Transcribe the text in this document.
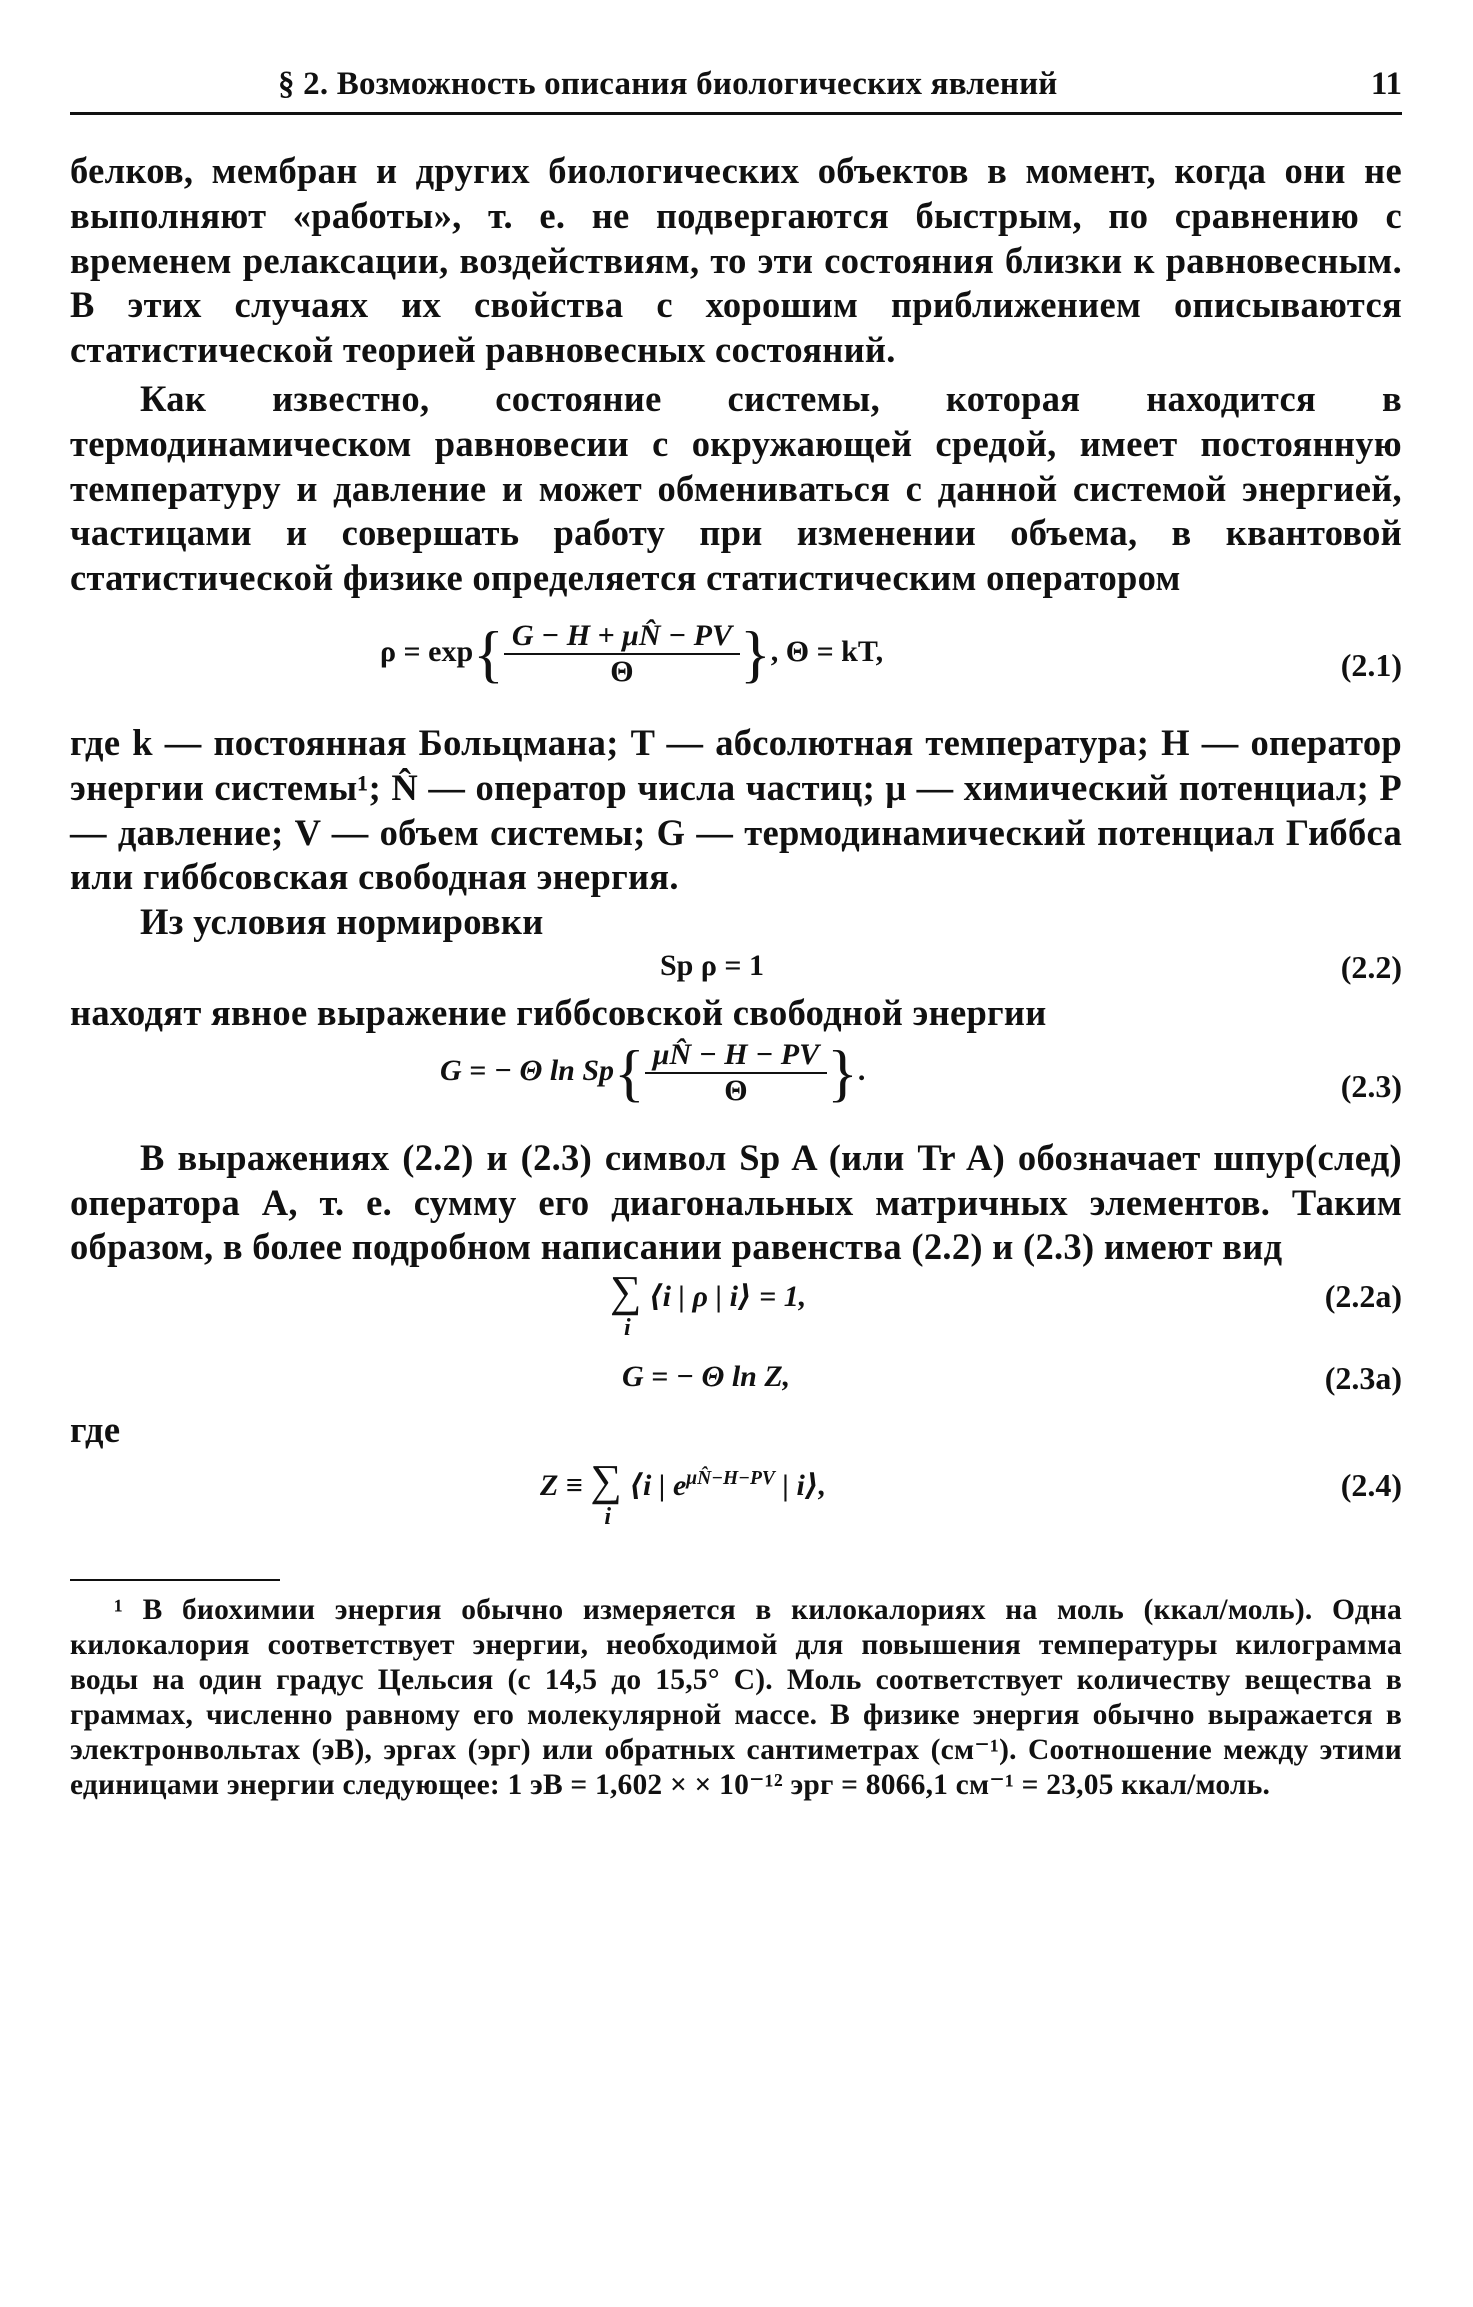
§ 2. Возможность описания биологических явлений	11

белков, мембран и других биологических объектов в момент, когда они не выполняют «работы», т. е. не подвергаются быстрым, по сравнению с временем релаксации, воздействиям, то эти состояния близки к равновесным. В этих случаях их свойства с хорошим приближением описываются статистической теорией равновесных состояний.

Как известно, состояние системы, которая находится в термодинамическом равновесии с окружающей средой, имеет постоянную температуру и давление и может обмениваться с данной системой энергией, частицами и совершать работу при изменении объема, в квантовой статистической физике определяется статистическим оператором

$\rho = \exp\{ \frac{G - H + \mu N̂ - PV}{\Theta}$ }, Θ = kT,	(2.1)

где k — постоянная Больцмана; T — абсолютная температура; H — оператор энергии системы¹; N̂ — оператор числа частиц; μ — химический потенциал; P — давление; V — объем системы; G — термодинамический потенциал Гиббса или гиббсовская свободная энергия.

Из условия нормировки

Sp ρ = 1	(2.2)

находят явное выражение гиббсовской свободной энергии

G = − Θ $\ln Sp\{ \frac{\mu N̂ - H - PV}{\Theta}$ }.	(2.3)

В выражениях (2.2) и (2.3) символ Sp A (или Tr A) обозначает шпур(след) оператора A, т. е. сумму его диагональных матричных элементов. Таким образом, в более подробном написании равенства (2.2) и (2.3) имеют вид

∑
i
⟨i | ρ | i⟩ = 1,	(2.2a)
G = − Θ ln Z,	(2.3a)

где

Z ≡ ∑
i
⟨i | $e^{\mu N̂-H-PV}$ | i⟩,	(2.4)

¹ В биохимии энергия обычно измеряется в килокалориях на моль (ккал/моль). Одна килокалория соответствует энергии, необходимой для повышения температуры килограмма воды на один градус Цельсия (с 14,5 до 15,5° С). Моль соответствует количеству вещества в граммах, численно равному его молекулярной массе. В физике энергия обычно выражается в электронвольтах (эВ), эргах (эрг) или обратных сантиметрах (см⁻¹). Соотношение между этими единицами энергии следующее: 1 эВ = 1,602 × × 10⁻¹² эрг = 8066,1 см⁻¹ = 23,05 ккал/моль.
